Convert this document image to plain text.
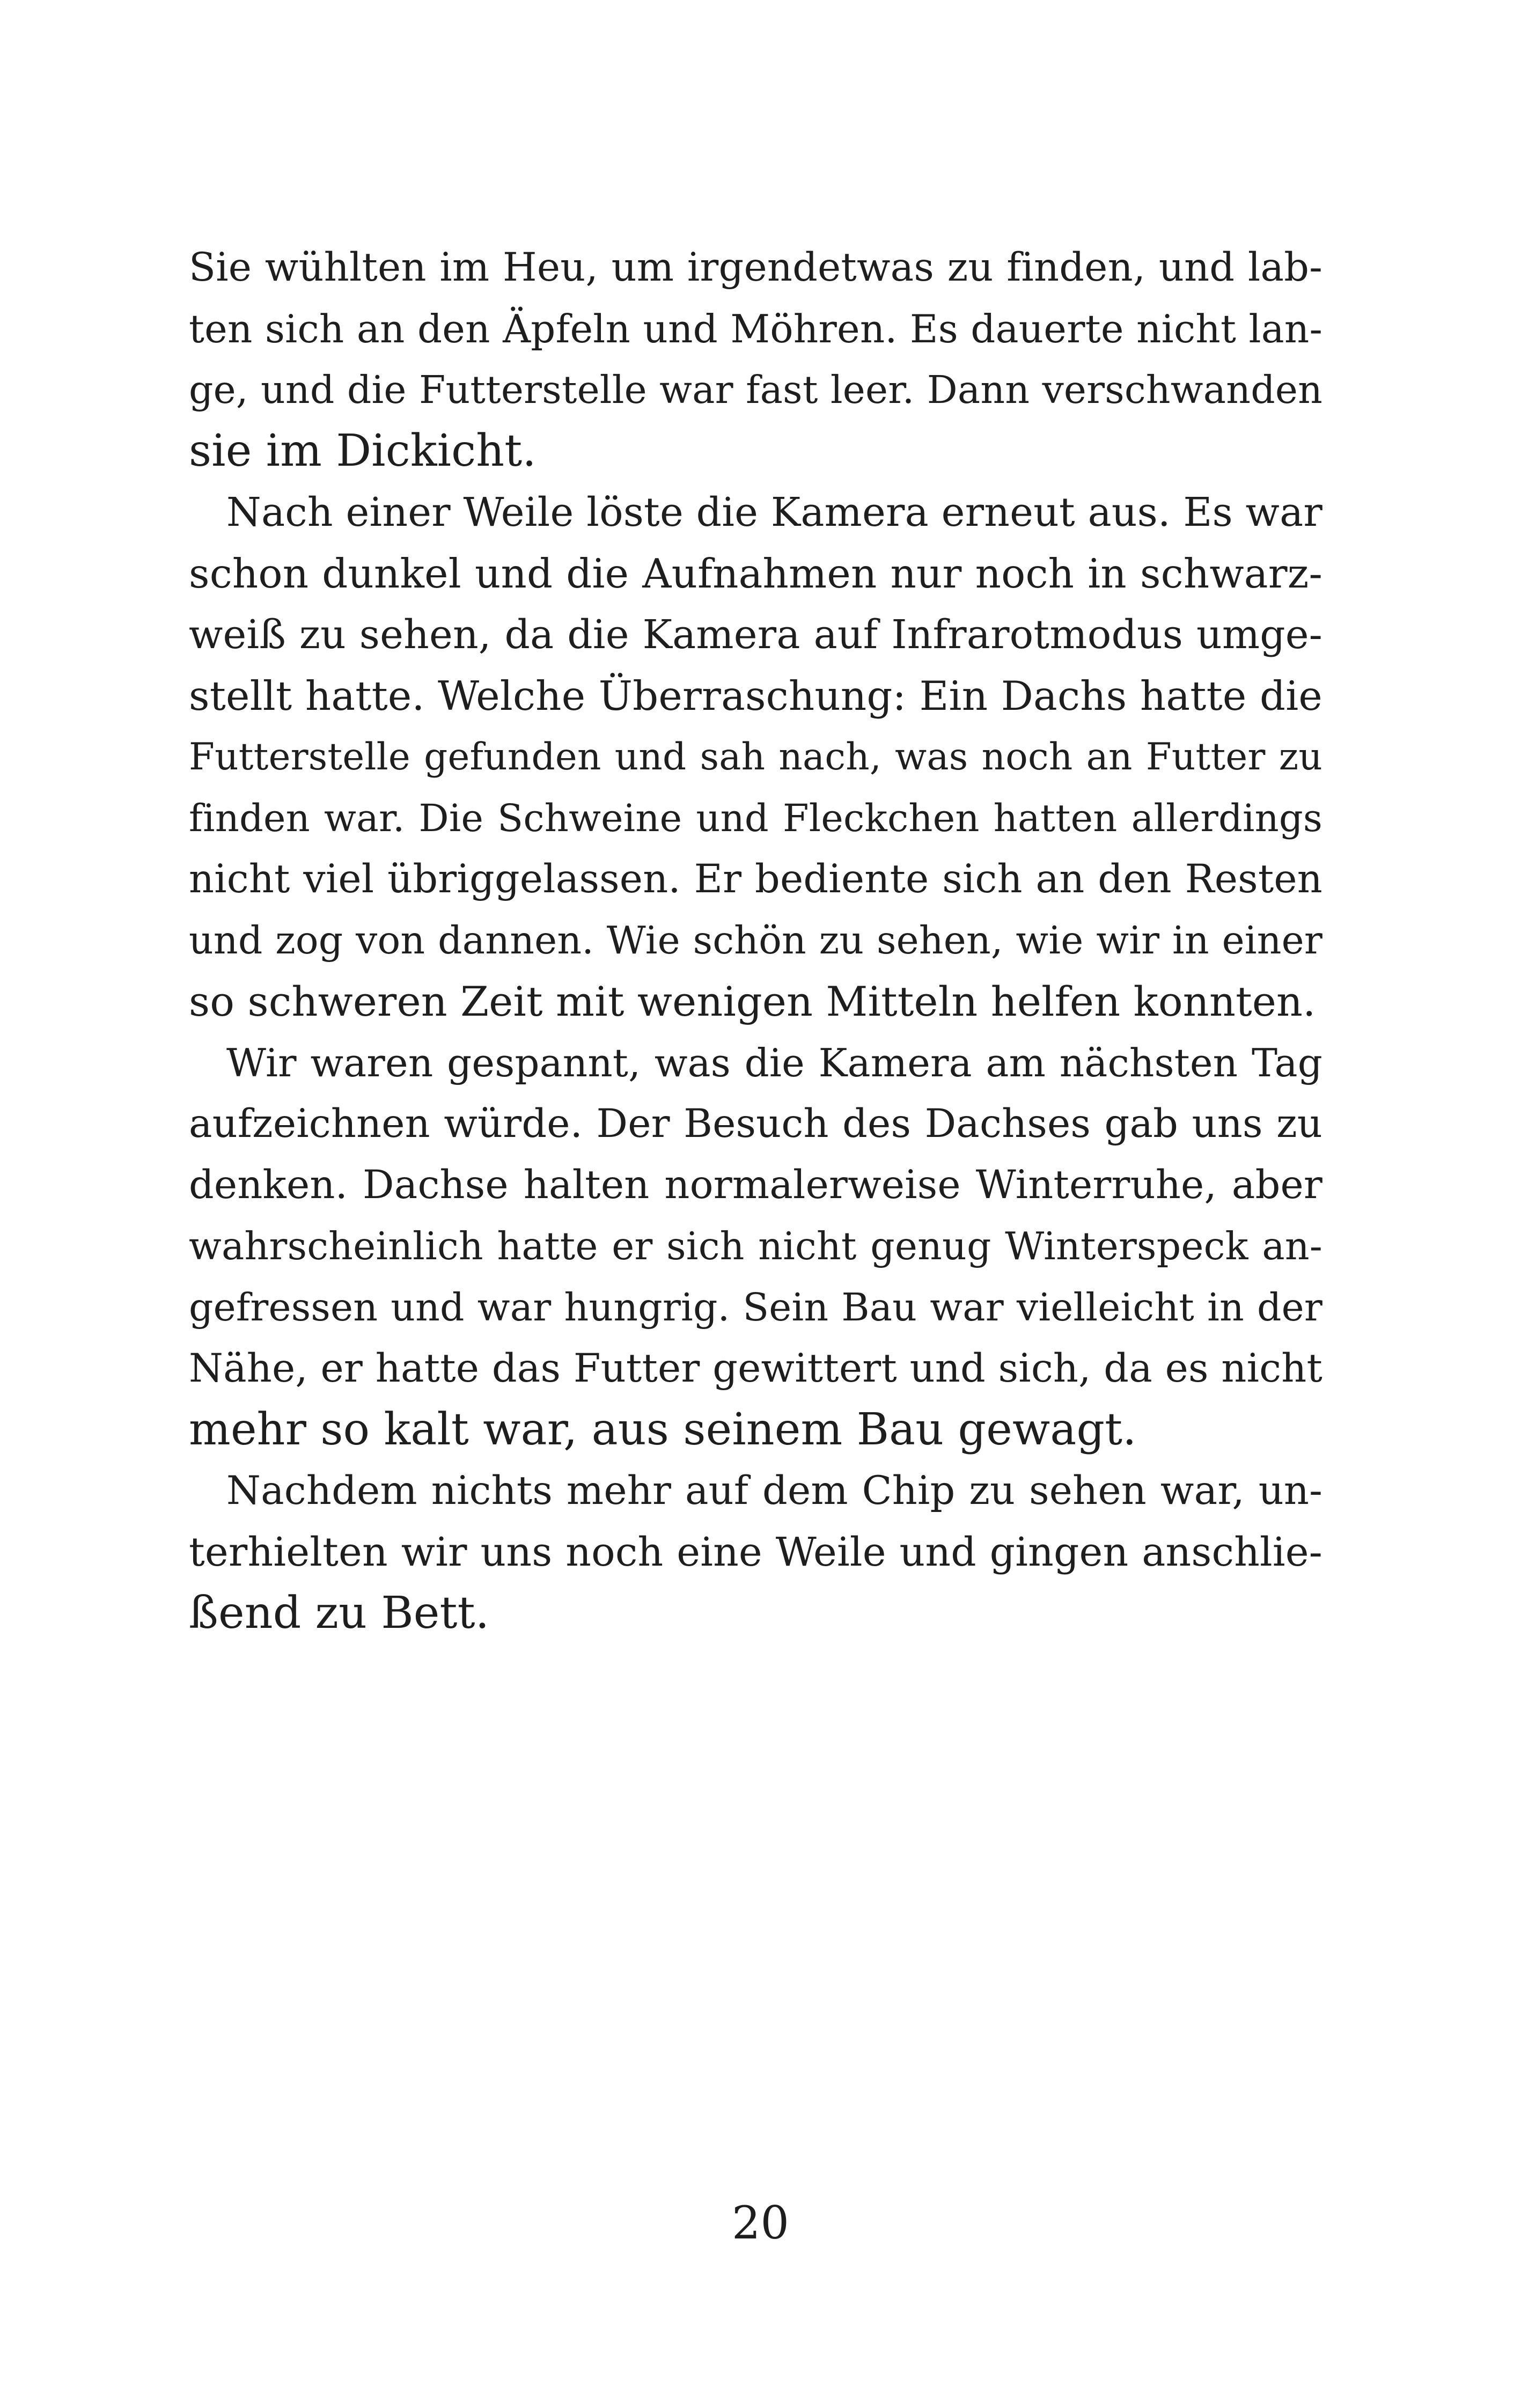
Sie wühlten im Heu, um irgendetwas zu finden, und lab-
ten sich an den Äpfeln und Möhren. Es dauerte nicht lan-
ge, und die Futterstelle war fast leer. Dann verschwanden
sie im Dickicht.
Nach einer Weile löste die Kamera erneut aus. Es war
schon dunkel und die Aufnahmen nur noch in schwarz-
weiß zu sehen, da die Kamera auf Infrarotmodus umge-
stellt hatte. Welche Überraschung: Ein Dachs hatte die
Futterstelle gefunden und sah nach, was noch an Futter zu
finden war. Die Schweine und Fleckchen hatten allerdings
nicht viel übriggelassen. Er bediente sich an den Resten
und zog von dannen. Wie schön zu sehen, wie wir in einer
so schweren Zeit mit wenigen Mitteln helfen konnten.
Wir waren gespannt, was die Kamera am nächsten Tag
aufzeichnen würde. Der Besuch des Dachses gab uns zu
denken. Dachse halten normalerweise Winterruhe, aber
wahrscheinlich hatte er sich nicht genug Winterspeck an-
gefressen und war hungrig. Sein Bau war vielleicht in der
Nähe, er hatte das Futter gewittert und sich, da es nicht
mehr so kalt war, aus seinem Bau gewagt.
Nachdem nichts mehr auf dem Chip zu sehen war, un-
terhielten wir uns noch eine Weile und gingen anschlie-
ßend zu Bett.
20
